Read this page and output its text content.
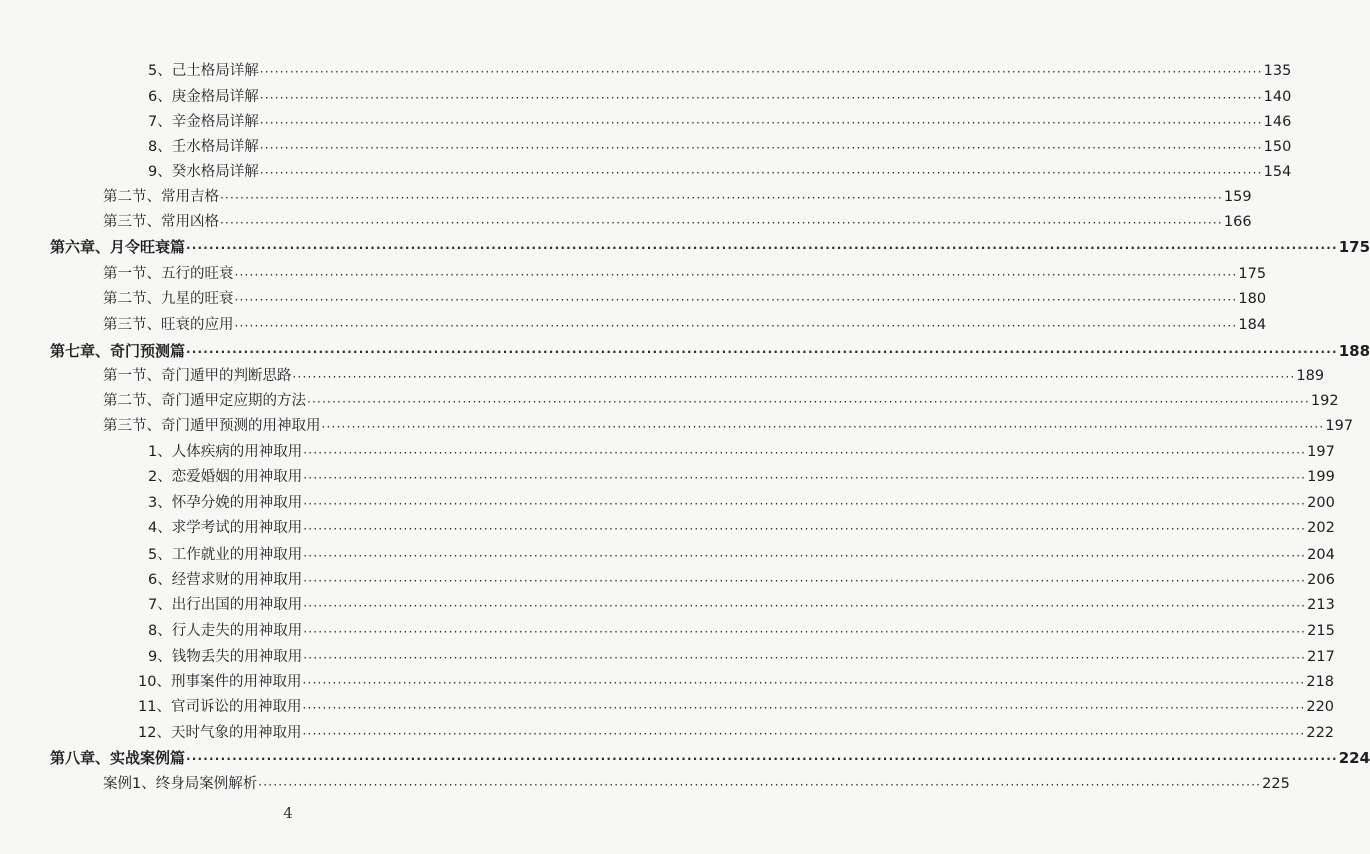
5、己土格局详解 ········································································································································································································ 135
6、庚金格局详解 ········································································································································································································ 140
7、辛金格局详解 ········································································································································································································ 146
8、壬水格局详解 ········································································································································································································ 150
9、癸水格局详解 ········································································································································································································ 154
第二节、常用吉格 ········································································································································································································ 159
第三节、常用凶格 ········································································································································································································ 166
第六章、月令旺衰篇 ········································································································································································································ 175
第一节、五行的旺衰 ········································································································································································································ 175
第二节、九星的旺衰 ········································································································································································································ 180
第三节、旺衰的应用 ········································································································································································································ 184
第七章、奇门预测篇 ········································································································································································································ 188
第一节、奇门遁甲的判断思路 ········································································································································································································ 189
第二节、奇门遁甲定应期的方法 ········································································································································································································ 192
第三节、奇门遁甲预测的用神取用 ········································································································································································································ 197
1、人体疾病的用神取用 ········································································································································································································ 197
2、恋爱婚姻的用神取用 ········································································································································································································ 199
3、怀孕分娩的用神取用 ········································································································································································································ 200
4、求学考试的用神取用 ········································································································································································································ 202
5、工作就业的用神取用 ········································································································································································································ 204
6、经营求财的用神取用 ········································································································································································································ 206
7、出行出国的用神取用 ········································································································································································································ 213
8、行人走失的用神取用 ········································································································································································································ 215
9、钱物丢失的用神取用 ········································································································································································································ 217
10、刑事案件的用神取用 ········································································································································································································ 218
11、官司诉讼的用神取用 ········································································································································································································ 220
12、天时气象的用神取用 ········································································································································································································ 222
第八章、实战案例篇 ········································································································································································································ 224
案例1、终身局案例解析 ········································································································································································································ 225
4
